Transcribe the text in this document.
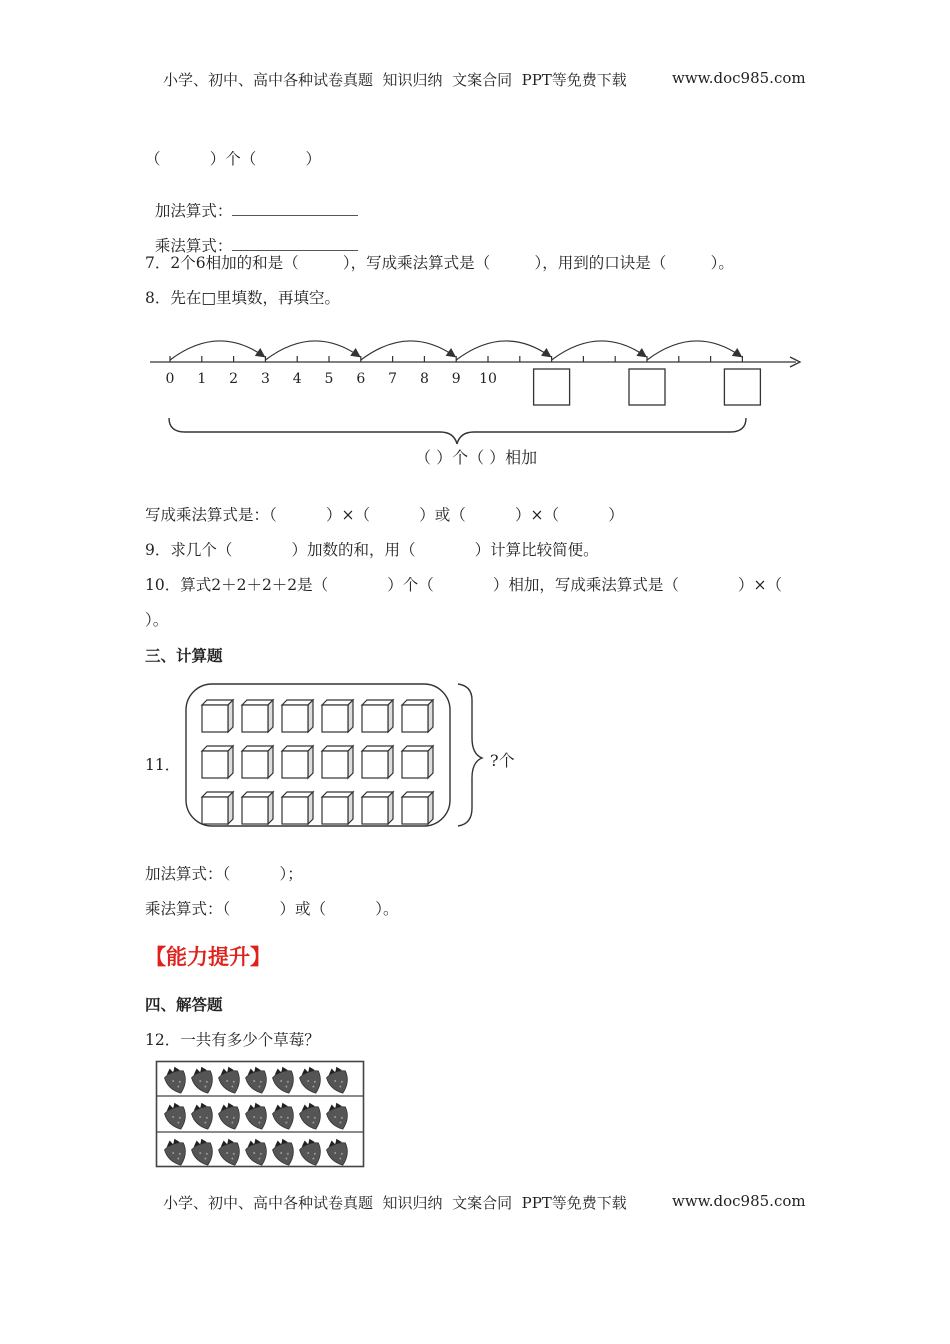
小学、初中、高中各种试卷真题  知识归纳  文案合同  PPT等免费下载	www.doc985.com
（          ）个（          ）

加法算式：

乘法算式：

7．2个6相加的和是（         ），写成乘法算式是（         ），用到的口诀是（         ）。
8．先在□里填数，再填空。
0 1 2 3 4 5 6 7 8 9 10
（ ）个（ ）相加
写成乘法算式是：（          ）×（          ）或（          ）×（          ）
9．求几个（            ）加数的和，用（            ）计算比较简便。
10．算式2＋2＋2＋2是（            ）个（            ）相加，写成乘法算式是（            ）×（
）。
三、计算题
11．	?个
加法算式：（          ）；
乘法算式：（          ）或（          ）。
【能力提升】
四、解答题
12．一共有多少个草莓？
小学、初中、高中各种试卷真题  知识归纳  文案合同  PPT等免费下载	www.doc985.com
